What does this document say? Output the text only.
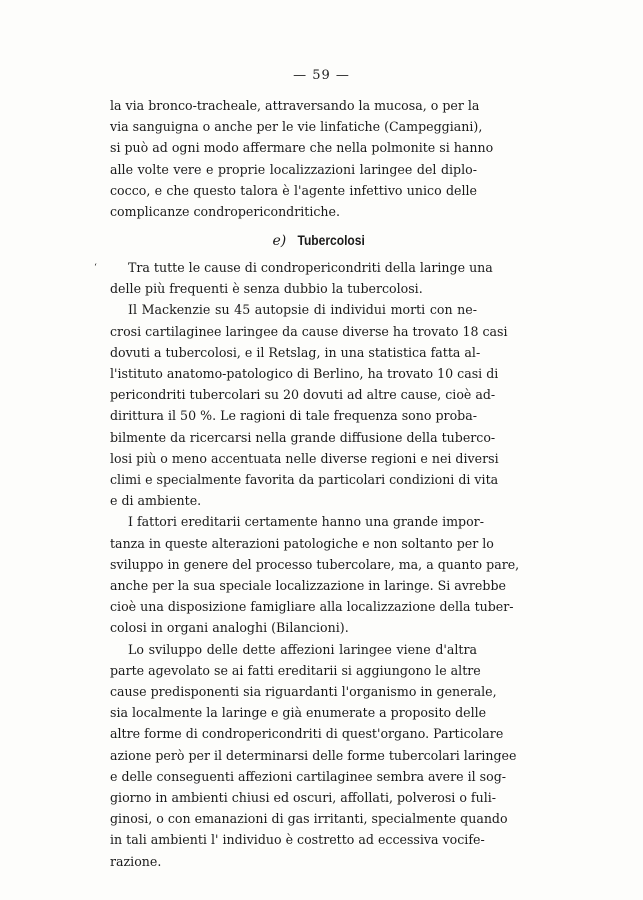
— 59 —
la via bronco-tracheale, attraversando la mucosa, o per la
via sanguigna o anche per le vie linfatiche (Campeggiani),
si può ad ogni modo affermare che nella polmonite si hanno
alle volte vere e proprie localizzazioni laringee del diplo-
cocco, e che questo talora è l'agente infettivo unico delle
complicanze condropericondritiche.
e) Tubercolosi
‘	Tra tutte le cause di condropericondriti della laringe una
delle più frequenti è senza dubbio la tubercolosi.
Il Mackenzie su 45 autopsie di individui morti con ne-
crosi cartilaginee laringee da cause diverse ha trovato 18 casi
dovuti a tubercolosi, e il Retslag, in una statistica fatta al-
l'istituto anatomo-patologico di Berlino, ha trovato 10 casi di
pericondriti tubercolari su 20 dovuti ad altre cause, cioè ad-
dirittura il 50 %. Le ragioni di tale frequenza sono proba-
bilmente da ricercarsi nella grande diffusione della tuberco-
losi più o meno accentuata nelle diverse regioni e nei diversi
climi e specialmente favorita da particolari condizioni di vita
e di ambiente.
I fattori ereditarii certamente hanno una grande impor-
tanza in queste alterazioni patologiche e non soltanto per lo
sviluppo in genere del processo tubercolare, ma, a quanto pare,
anche per la sua speciale localizzazione in laringe. Si avrebbe
cioè una disposizione famigliare alla localizzazione della tuber-
colosi in organi analoghi (Bilancioni).
Lo sviluppo delle dette affezioni laringee viene d'altra
parte agevolato se ai fatti ereditarii si aggiungono le altre
cause predisponenti sia riguardanti l'organismo in generale,
sia localmente la laringe e già enumerate a proposito delle
altre forme di condropericondriti di quest'organo. Particolare
azione però per il determinarsi delle forme tubercolari laringee
e delle conseguenti affezioni cartilaginee sembra avere il sog-
giorno in ambienti chiusi ed oscuri, affollati, polverosi o fuli-
ginosi, o con emanazioni di gas irritanti, specialmente quando
in tali ambienti l' individuo è costretto ad eccessiva vocife-
razione.
